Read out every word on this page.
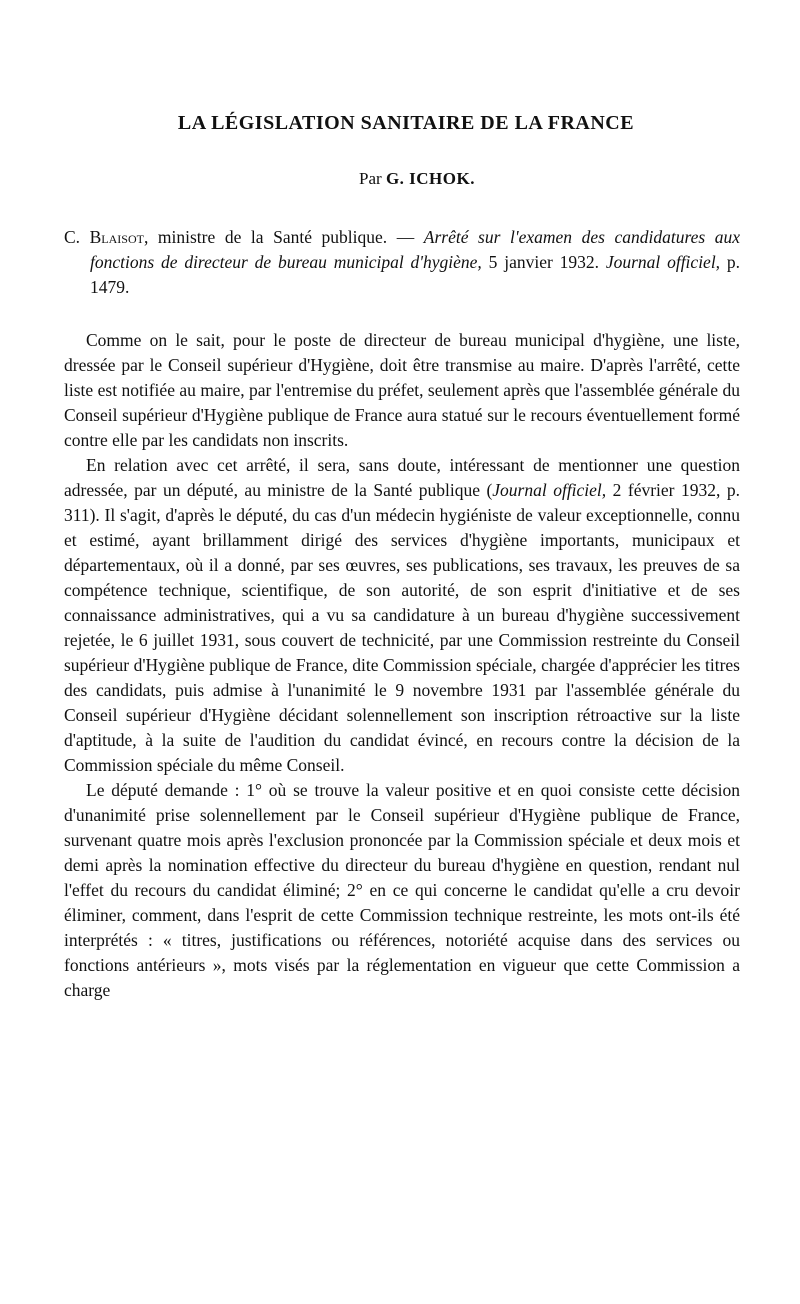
LA LÉGISLATION SANITAIRE DE LA FRANCE
Par G. ICHOK.
C. Blaisot, ministre de la Santé publique. — Arrêté sur l'examen des candidatures aux fonctions de directeur de bureau municipal d'hygiène, 5 janvier 1932. Journal officiel, p. 1479.

Comme on le sait, pour le poste de directeur de bureau municipal d'hygiène, une liste, dressée par le Conseil supérieur d'Hygiène, doit être transmise au maire. D'après l'arrêté, cette liste est notifiée au maire, par l'entremise du préfet, seulement après que l'assemblée générale du Conseil supérieur d'Hygiène publique de France aura statué sur le recours éventuellement formé contre elle par les candidats non inscrits.

En relation avec cet arrêté, il sera, sans doute, intéressant de mentionner une question adressée, par un député, au ministre de la Santé publique (Journal officiel, 2 février 1932, p. 311). Il s'agit, d'après le député, du cas d'un médecin hygiéniste de valeur exceptionnelle, connu et estimé, ayant brillamment dirigé des services d'hygiène importants, municipaux et départementaux, où il a donné, par ses œuvres, ses publications, ses travaux, les preuves de sa compétence technique, scientifique, de son autorité, de son esprit d'initiative et de ses connaissance administratives, qui a vu sa candidature à un bureau d'hygiène successivement rejetée, le 6 juillet 1931, sous couvert de technicité, par une Commission restreinte du Conseil supérieur d'Hygiène publique de France, dite Commission spéciale, chargée d'apprécier les titres des candidats, puis admise à l'unanimité le 9 novembre 1931 par l'assemblée générale du Conseil supérieur d'Hygiène décidant solennellement son inscription rétroactive sur la liste d'aptitude, à la suite de l'audition du candidat évincé, en recours contre la décision de la Commission spéciale du même Conseil.

Le député demande : 1° où se trouve la valeur positive et en quoi consiste cette décision d'unanimité prise solennellement par le Conseil supérieur d'Hygiène publique de France, survenant quatre mois après l'exclusion prononcée par la Commission spéciale et deux mois et demi après la nomination effective du directeur du bureau d'hygiène en question, rendant nul l'effet du recours du candidat éliminé; 2° en ce qui concerne le candidat qu'elle a cru devoir éliminer, comment, dans l'esprit de cette Commission technique restreinte, les mots ont-ils été interprétés : « titres, justifications ou références, notoriété acquise dans des services ou fonctions antérieurs », mots visés par la réglementation en vigueur que cette Commission a charge
